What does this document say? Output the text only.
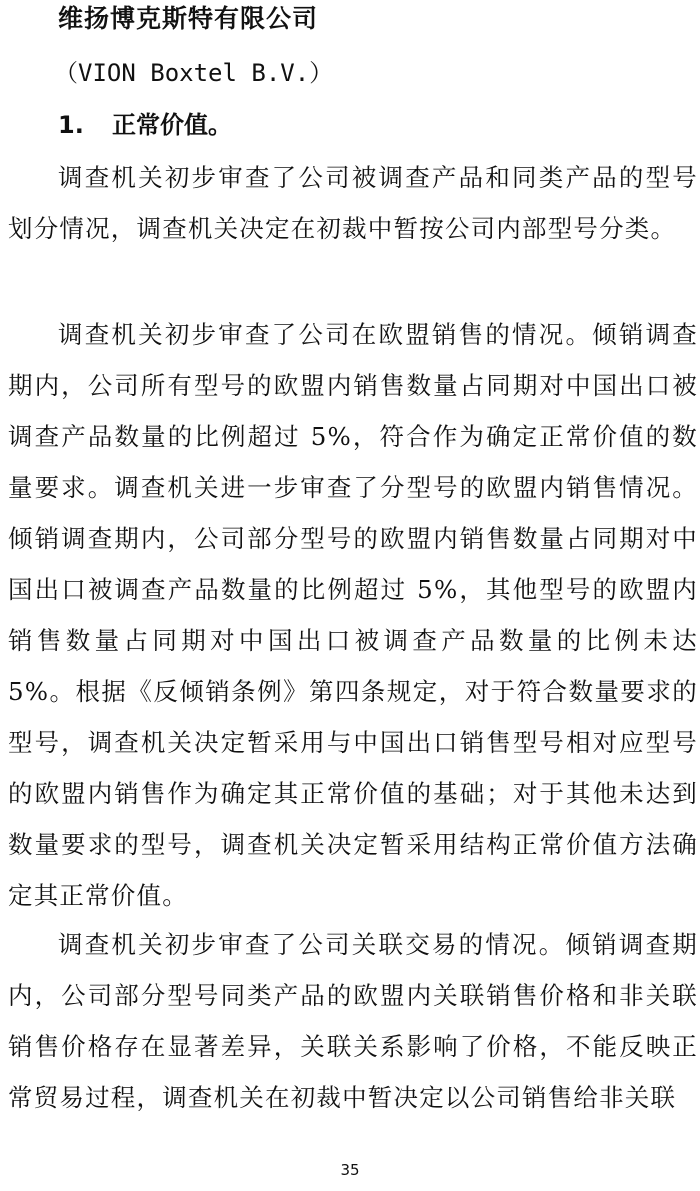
维扬博克斯特有限公司
（VION Boxtel B.V.）
1. 正常价值。

调查机关初步审查了公司被调查产品和同类产品的型号划分情况，调查机关决定在初裁中暂按公司内部型号分类。

调查机关初步审查了公司在欧盟销售的情况。倾销调查期内，公司所有型号的欧盟内销售数量占同期对中国出口被调查产品数量的比例超过 5%，符合作为确定正常价值的数量要求。调查机关进一步审查了分型号的欧盟内销售情况。倾销调查期内，公司部分型号的欧盟内销售数量占同期对中国出口被调查产品数量的比例超过 5%，其他型号的欧盟内销售数量占同期对中国出口被调查产品数量的比例未达 5%。根据《反倾销条例》第四条规定，对于符合数量要求的型号，调查机关决定暂采用与中国出口销售型号相对应型号的欧盟内销售作为确定其正常价值的基础；对于其他未达到数量要求的型号，调查机关决定暂采用结构正常价值方法确定其正常价值。

调查机关初步审查了公司关联交易的情况。倾销调查期内，公司部分型号同类产品的欧盟内关联销售价格和非关联销售价格存在显著差异，关联关系影响了价格，不能反映正常贸易过程，调查机关在初裁中暂决定以公司销售给非关联

35
